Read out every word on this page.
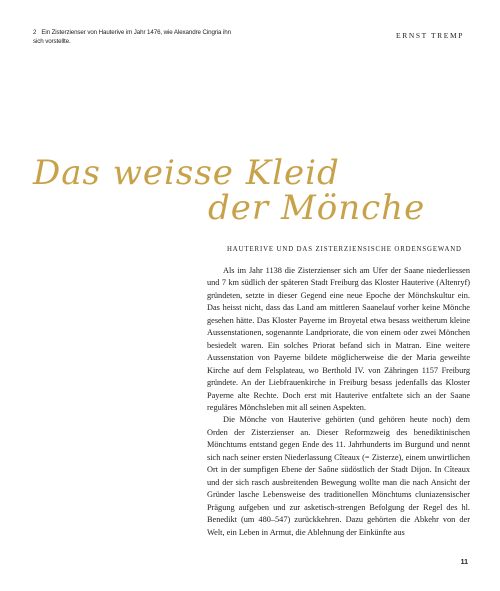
2 Ein Zisterzienser von Hauterive im Jahr 1476, wie Alexandre Cingria ihn sich vorstellte.
ERNST TREMP
Das weisse Kleid
der Mönche
HAUTERIVE UND DAS ZISTERZIENSISCHE ORDENSGEWAND

Als im Jahr 1138 die Zisterzienser sich am Ufer der Saane niederliessen und 7 km südlich der späteren Stadt Freiburg das Kloster Hauterive (Altenryf) gründeten, setzte in dieser Gegend eine neue Epoche der Mönchskultur ein. Das heisst nicht, dass das Land am mittleren Saanelauf vorher keine Mönche gesehen hätte. Das Kloster Payerne im Broyetal etwa besass weitherum kleine Aussenstationen, sogenannte Landpriorate, die von einem oder zwei Mönchen besiedelt waren. Ein solches Priorat befand sich in Matran. Eine weitere Aussenstation von Payerne bildete möglicherweise die der Maria geweihte Kirche auf dem Felsplateau, wo Berthold IV. von Zähringen 1157 Freiburg gründete. An der Liebfrauenkirche in Freiburg besass jedenfalls das Kloster Payerne alte Rechte. Doch erst mit Hauterive entfaltete sich an der Saane reguläres Mönchsleben mit all seinen Aspekten.

Die Mönche von Hauterive gehörten (und gehören heute noch) dem Orden der Zisterzienser an. Dieser Reformzweig des benediktinischen Mönchtums entstand gegen Ende des 11. Jahrhunderts im Burgund und nennt sich nach seiner ersten Niederlassung Cîteaux (= Zisterze), einem unwirtlichen Ort in der sumpfigen Ebene der Saône südöstlich der Stadt Dijon. In Cîteaux und der sich rasch ausbreitenden Bewegung wollte man die nach Ansicht der Gründer lasche Lebensweise des traditionellen Mönchtums cluniazensischer Prägung aufgeben und zur asketisch-strengen Befolgung der Regel des hl. Benedikt (um 480–547) zurückkehren. Dazu gehörten die Abkehr von der Welt, ein Leben in Armut, die Ablehnung der Einkünfte aus

11
